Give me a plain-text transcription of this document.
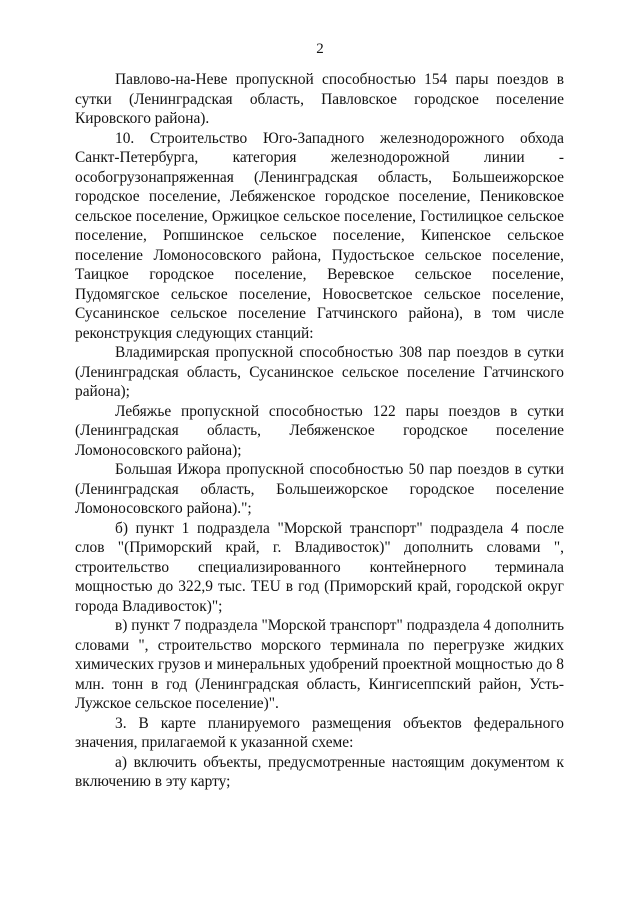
2

Павлово-на-Неве пропускной способностью 154 пары поездов в сутки (Ленинградская область, Павловское городское поселение Кировского района).

10. Строительство Юго-Западного железнодорожного обхода Санкт-Петербурга, категория железнодорожной линии - особогрузонапряженная (Ленинградская область, Большеижорское городское поселение, Лебяженское городское поселение, Пениковское сельское поселение, Оржицкое сельское поселение, Гостилицкое сельское поселение, Ропшинское сельское поселение, Кипенское сельское поселение Ломоносовского района, Пудостьское сельское поселение, Таицкое городское поселение, Веревское сельское поселение, Пудомягское сельское поселение, Новосветское сельское поселение, Сусанинское сельское поселение Гатчинского района), в том числе реконструкция следующих станций:

Владимирская пропускной способностью 308 пар поездов в сутки (Ленинградская область, Сусанинское сельское поселение Гатчинского района);

Лебяжье пропускной способностью 122 пары поездов в сутки (Ленинградская область, Лебяженское городское поселение Ломоносовского района);

Большая Ижора пропускной способностью 50 пар поездов в сутки (Ленинградская область, Большеижорское городское поселение Ломоносовского района).";

б) пункт 1 подраздела "Морской транспорт" подраздела 4 после слов "(Приморский край, г. Владивосток)" дополнить словами ", строительство специализированного контейнерного терминала мощностью до 322,9 тыс. TEU в год (Приморский край, городской округ города Владивосток)";

в) пункт 7 подраздела "Морской транспорт" подраздела 4 дополнить словами ", строительство морского терминала по перегрузке жидких химических грузов и минеральных удобрений проектной мощностью до 8 млн. тонн в год (Ленинградская область, Кингисеппский район, Усть-Лужское сельское поселение)".

3. В карте планируемого размещения объектов федерального значения, прилагаемой к указанной схеме:

а) включить объекты, предусмотренные настоящим документом к включению в эту карту;
